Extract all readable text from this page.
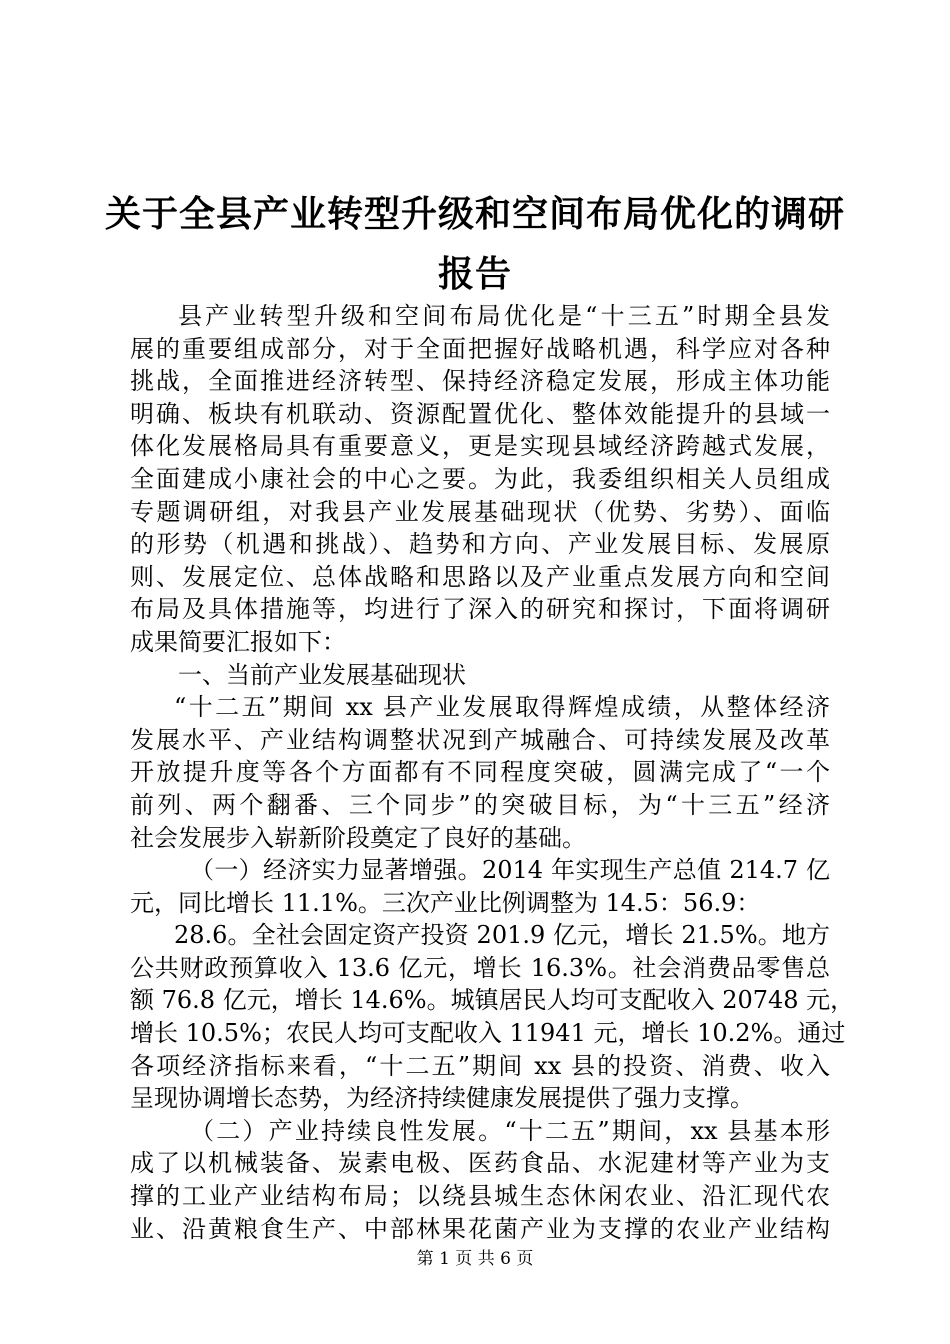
关于全县产业转型升级和空间布局优化的调研
报告
县产业转型升级和空间布局优化是“十三五”时期全县发
展的重要组成部分，对于全面把握好战略机遇，科学应对各种
挑战，全面推进经济转型、保持经济稳定发展，形成主体功能
明确、板块有机联动、资源配置优化、整体效能提升的县域一
体化发展格局具有重要意义，更是实现县域经济跨越式发展，
全面建成小康社会的中心之要。为此，我委组织相关人员组成
专题调研组，对我县产业发展基础现状（优势、劣势）、面临
的形势（机遇和挑战）、趋势和方向、产业发展目标、发展原
则、发展定位、总体战略和思路以及产业重点发展方向和空间
布局及具体措施等，均进行了深入的研究和探讨，下面将调研
成果简要汇报如下：
一、当前产业发展基础现状
“十二五”期间 xx 县产业发展取得辉煌成绩，从整体经济
发展水平、产业结构调整状况到产城融合、可持续发展及改革
开放提升度等各个方面都有不同程度突破，圆满完成了“一个
前列、两个翻番、三个同步”的突破目标，为“十三五”经济
社会发展步入崭新阶段奠定了良好的基础。
（一）经济实力显著增强。2014 年实现生产总值 214.7 亿
元，同比增长 11.1%。三次产业比例调整为 14.5：56.9：
28.6。全社会固定资产投资 201.9 亿元，增长 21.5%。地方
公共财政预算收入 13.6 亿元，增长 16.3%。社会消费品零售总
额 76.8 亿元，增长 14.6%。城镇居民人均可支配收入 20748 元，
增长 10.5%；农民人均可支配收入 11941 元，增长 10.2%。通过
各项经济指标来看，“十二五”期间 xx 县的投资、消费、收入
呈现协调增长态势，为经济持续健康发展提供了强力支撑。
（二）产业持续良性发展。“十二五”期间，xx 县基本形
成了以机械装备、炭素电极、医药食品、水泥建材等产业为支
撑的工业产业结构布局；以绕县城生态休闲农业、沿汇现代农
业、沿黄粮食生产、中部林果花菌产业为支撑的农业产业结构
第 1 页 共 6 页
